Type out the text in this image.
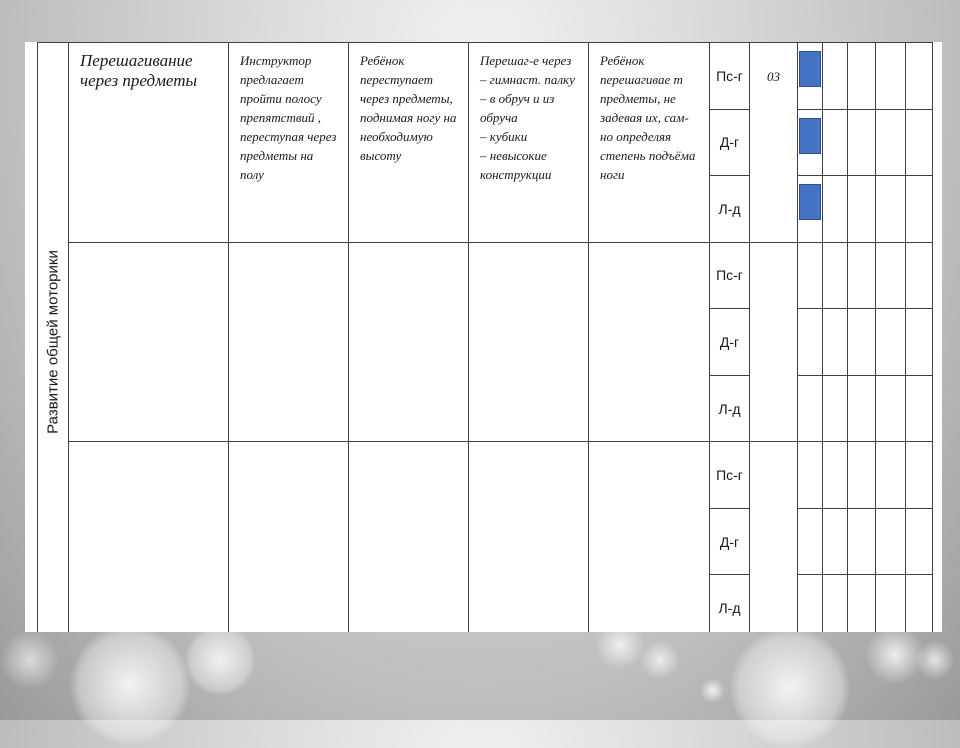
Развитие общей моторики	Перешагивание через предметы	Инструктор предлагает пройти полосу препятствий , переступая через предметы на полу	Ребёнок переступает через предметы, поднимая ногу на необходимую высоту	Перешаг-е через
– гимнаст. палку
– в обруч и из обруча
– кубики
– невысокие конструкции	Ребёнок перешагивае т предметы, не задевая их, сам-но определяя степень подъёма ноги	Пс-г	03	

						Д-г		

						Л-д		

						Пс-г						
						Д-г						
						Л-д						

						Пс-г						
						Д-г						
						Л-д						
